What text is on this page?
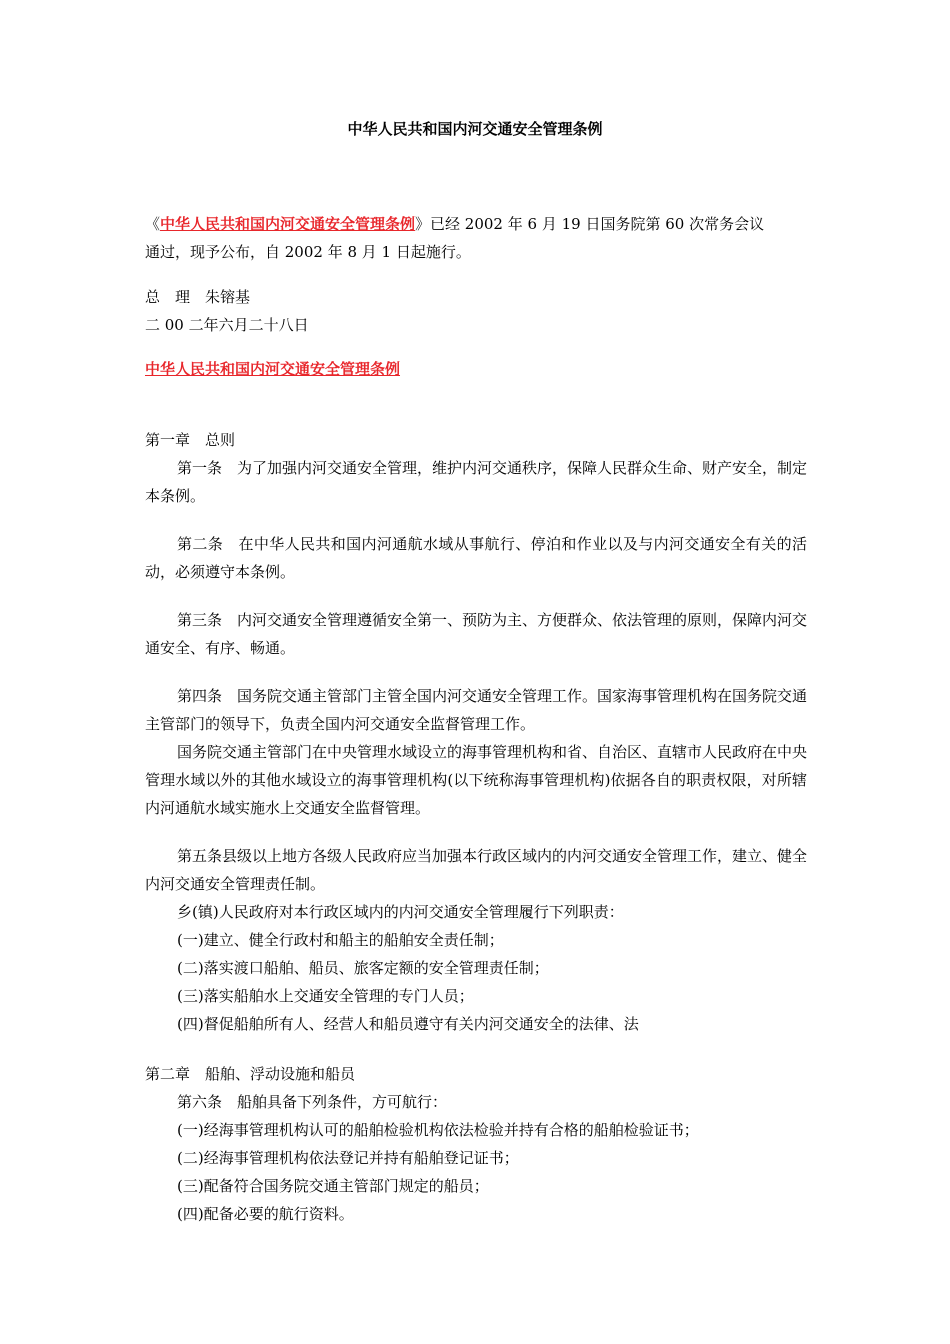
中华人民共和国内河交通安全管理条例

《中华人民共和国内河交通安全管理条例》已经 2002 年 6 月 19 日国务院第 60 次常务会议

通过，现予公布，自 2002 年 8 月 1 日起施行。

总　理　朱镕基

二 00 二年六月二十八日

中华人民共和国内河交通安全管理条例

第一章　总则

第一条　为了加强内河交通安全管理，维护内河交通秩序，保障人民群众生命、财产安全，制定本条例。

第二条　在中华人民共和国内河通航水域从事航行、停泊和作业以及与内河交通安全有关的活动，必须遵守本条例。

第三条　内河交通安全管理遵循安全第一、预防为主、方便群众、依法管理的原则，保障内河交通安全、有序、畅通。

第四条　国务院交通主管部门主管全国内河交通安全管理工作。国家海事管理机构在国务院交通主管部门的领导下，负责全国内河交通安全监督管理工作。

国务院交通主管部门在中央管理水域设立的海事管理机构和省、自治区、直辖市人民政府在中央管理水域以外的其他水域设立的海事管理机构(以下统称海事管理机构)依据各自的职责权限，对所辖内河通航水域实施水上交通安全监督管理。

第五条县级以上地方各级人民政府应当加强本行政区域内的内河交通安全管理工作，建立、健全内河交通安全管理责任制。

乡(镇)人民政府对本行政区域内的内河交通安全管理履行下列职责：

(一)建立、健全行政村和船主的船舶安全责任制；

(二)落实渡口船舶、船员、旅客定额的安全管理责任制；

(三)落实船舶水上交通安全管理的专门人员；

(四)督促船舶所有人、经营人和船员遵守有关内河交通安全的法律、法

第二章　船舶、浮动设施和船员

第六条　船舶具备下列条件，方可航行：

(一)经海事管理机构认可的船舶检验机构依法检验并持有合格的船舶检验证书；

(二)经海事管理机构依法登记并持有船舶登记证书；

(三)配备符合国务院交通主管部门规定的船员；

(四)配备必要的航行资料。
